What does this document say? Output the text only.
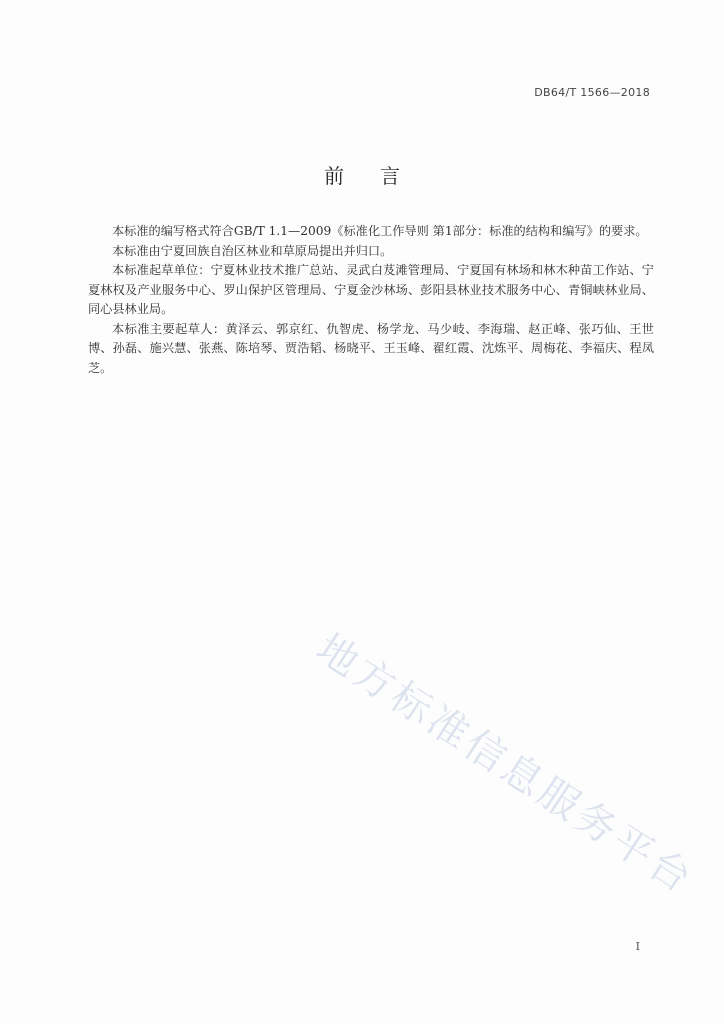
DB64/T 1566—2018
前言

本标准的编写格式符合GB/T 1.1—2009《标准化工作导则 第1部分：标准的结构和编写》的要求。

本标准由宁夏回族自治区林业和草原局提出并归口。

本标准起草单位：宁夏林业技术推广总站、灵武白芨滩管理局、宁夏国有林场和林木种苗工作站、宁夏林权及产业服务中心、罗山保护区管理局、宁夏金沙林场、彭阳县林业技术服务中心、青铜峡林业局、同心县林业局。

本标准主要起草人：黄泽云、郭京红、仇智虎、杨学龙、马少岐、李海瑞、赵正峰、张巧仙、王世博、孙磊、施兴慧、张燕、陈培琴、贾浩韬、杨晓平、王玉峰、翟红霞、沈炼平、周梅花、李福庆、程凤芝。

地方标准信息服务平台
I
